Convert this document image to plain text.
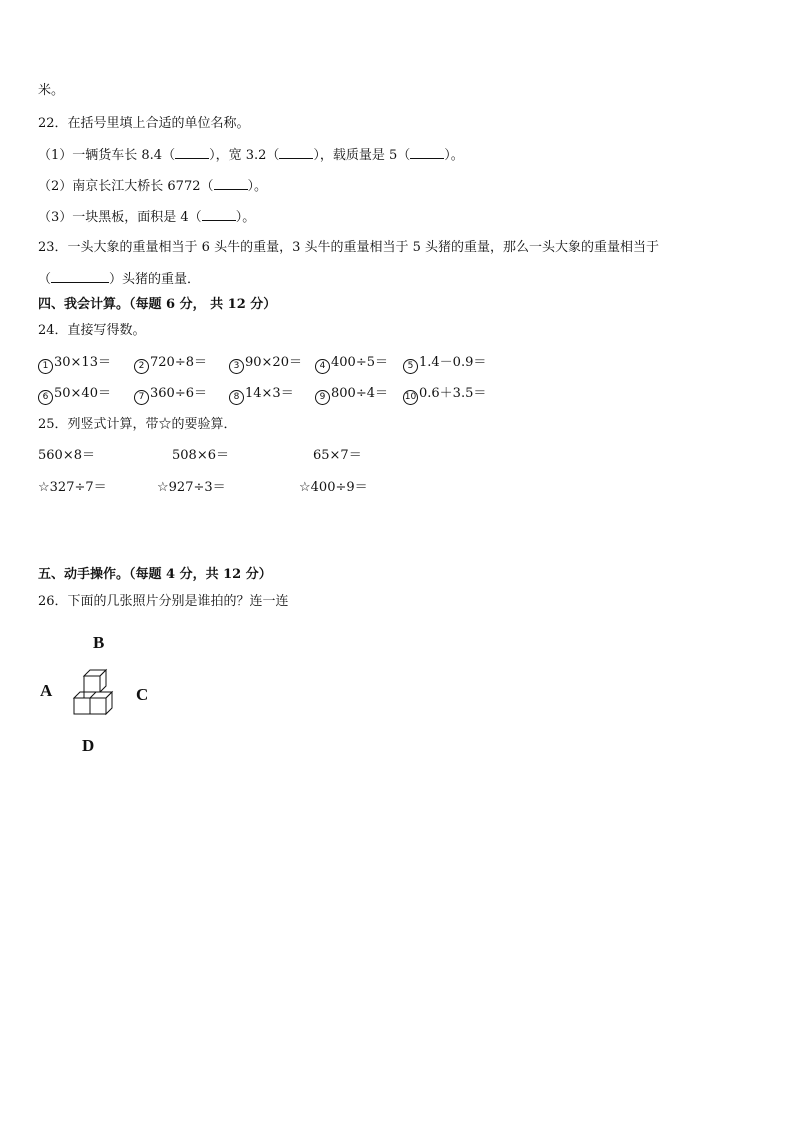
米。
22．在括号里填上合适的单位名称。
（1）一辆货车长 8.4（	），宽 3.2（	），载质量是 5（	）。
（2）南京长江大桥长 6772（	）。
（3）一块黑板，面积是 4（	）。
23．一头大象的重量相当于 6 头牛的重量，3 头牛的重量相当于 5 头猪的重量，那么一头大象的重量相当于
（	）头猪的重量．
四、我会计算。（每题 6 分， 共 12 分）
24．直接写得数。
1 30×13＝	2 720÷8＝	3 90×20＝	4 400÷5＝	5 1.4－0.9＝
6 50×40＝	7 360÷6＝	8 14×3＝	9 800÷4＝ 10 0.6＋3.5＝
25．列竖式计算，带☆的要验算．
560×8＝	508×6＝	65×7＝
☆327÷7＝	☆927÷3＝	☆400÷9＝
五、动手操作。（每题 4 分，共 12 分）
26．下面的几张照片分别是谁拍的？连一连
B
A	C
D
